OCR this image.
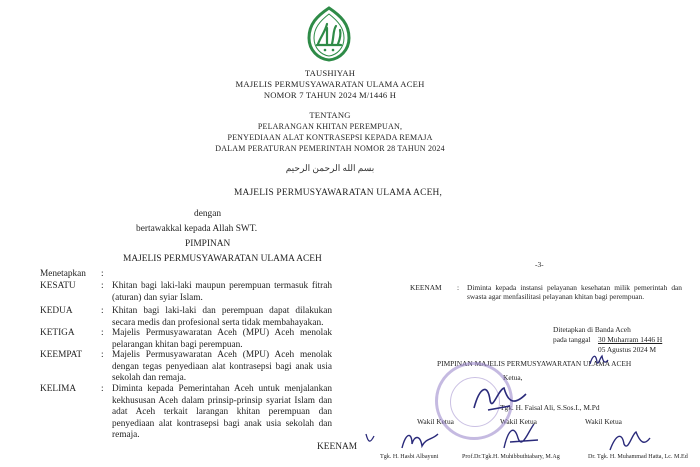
TAUSHIYAH
MAJELIS PERMUSYAWARATAN ULAMA ACEH
NOMOR 7 TAHUN 2024 M/1446 H
TENTANG
PELARANGAN KHITAN PEREMPUAN,
PENYEDIAAN ALAT KONTRASEPSI KEPADA REMAJA
DALAM PERATURAN PEMERINTAH NOMOR 28 TAHUN 2024
بسم الله الرحمن الرحيم
MAJELIS PERMUSYAWARATAN ULAMA ACEH,
dengan
bertawakkal kepada Allah SWT.
PIMPINAN
MAJELIS PERMUSYAWARATAN ULAMA ACEH
Menetapkan :
KESATU	: Khitan bagi laki-laki maupun perempuan termasuk fitrah (aturan) dan syiar Islam.
KEDUA	: Khitan bagi laki-laki dan perempuan dapat dilakukan secara medis dan profesional serta tidak membahayakan.
KETIGA	: Majelis Permusyawaratan Aceh (MPU) Aceh menolak pelarangan khitan bagi perempuan.
KEEMPAT : Majelis Permusyawaratan Aceh (MPU) Aceh menolak dengan tegas penyediaan alat kontrasepsi bagi anak usia sekolah dan remaja.
KELIMA	: Diminta kepada Pemerintahan Aceh untuk menjalankan kekhususan Aceh dalam prinsip-prinsip syariat Islam dan adat Aceh terkait larangan khitan perempuan dan penyediaan alat kontrasepsi bagi anak usia sekolah dan remaja.
KEENAM
-3-
KEENAM : Diminta kepada instansi pelayanan kesehatan milik pemerintah dan swasta agar menfasilitasi pelayanan khitan bagi perempuan.
Ditetapkan di Banda Aceh
pada tanggal 30 Muharram 1446 H
05 Agustus 2024 M
PIMPINAN MAJELIS PERMUSYAWARATAN ULAMA ACEH
Ketua,
Tgk. H. Faisal Ali, S.Sos.I., M.Pd
Wakil Ketua	Wakil Ketua	Wakil Ketua
Tgk. H. Hasbi Albayuni	Prof.Dr.Tgk.H. Muhibbuthtabary, M.Ag	Dr. Tgk. H. Muhammad Hatta, Lc. M.Ed
